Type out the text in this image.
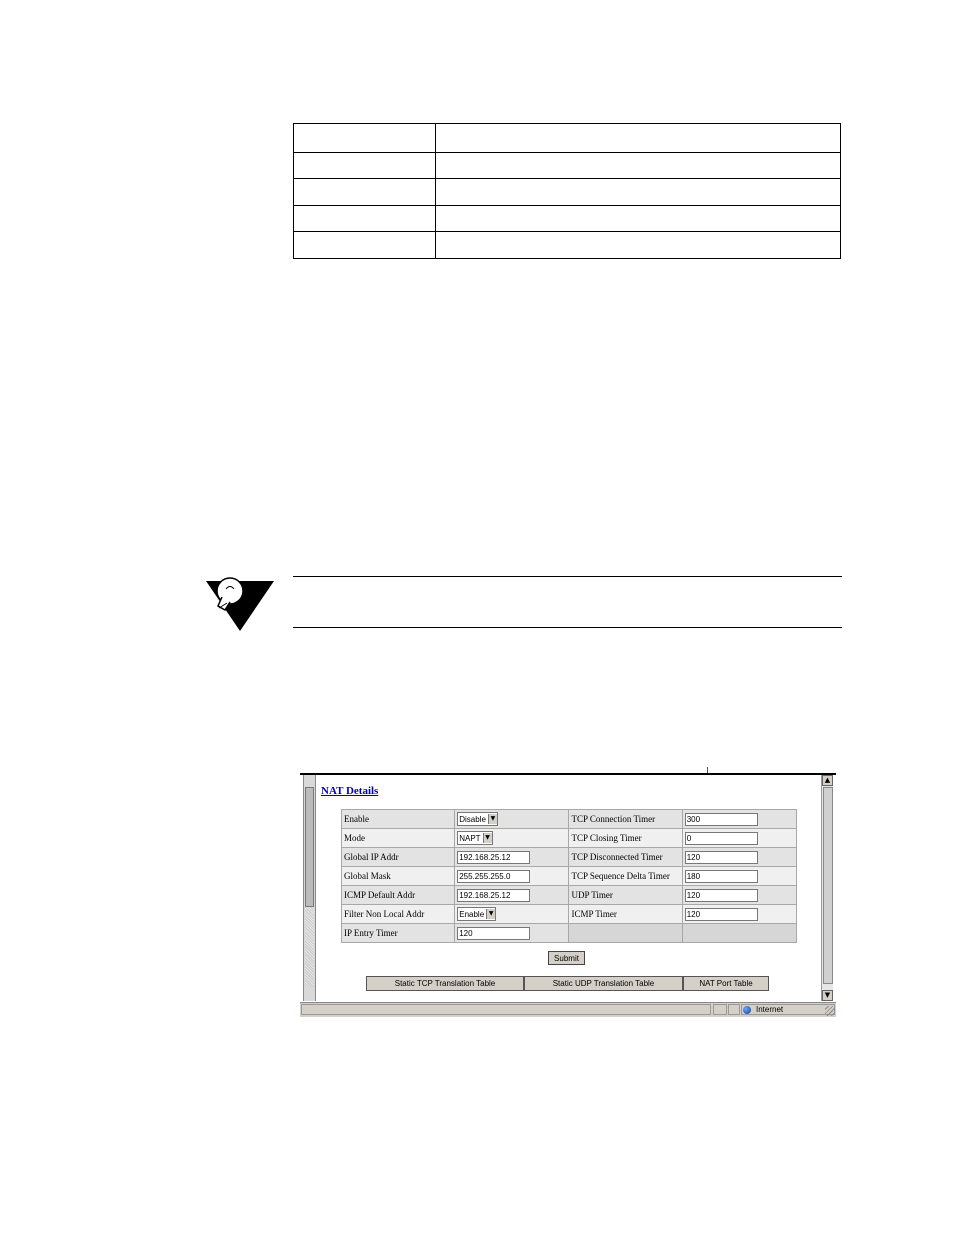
▲
▼
NAT Details
Enable	Disable ▼	TCP Connection Timer	300
Mode	NAPT ▼	TCP Closing Timer	0
Global IP Addr	192.168.25.12	TCP Disconnected Timer	120
Global Mask	255.255.255.0	TCP Sequence Delta Timer	180
ICMP Default Addr	192.168.25.12	UDP Timer	120
Filter Non Local Addr	Enable ▼	ICMP Timer	120
IP Entry Timer	120		
Submit
Static TCP Translation Table	Static UDP Translation Table	NAT Port Table
Internet
